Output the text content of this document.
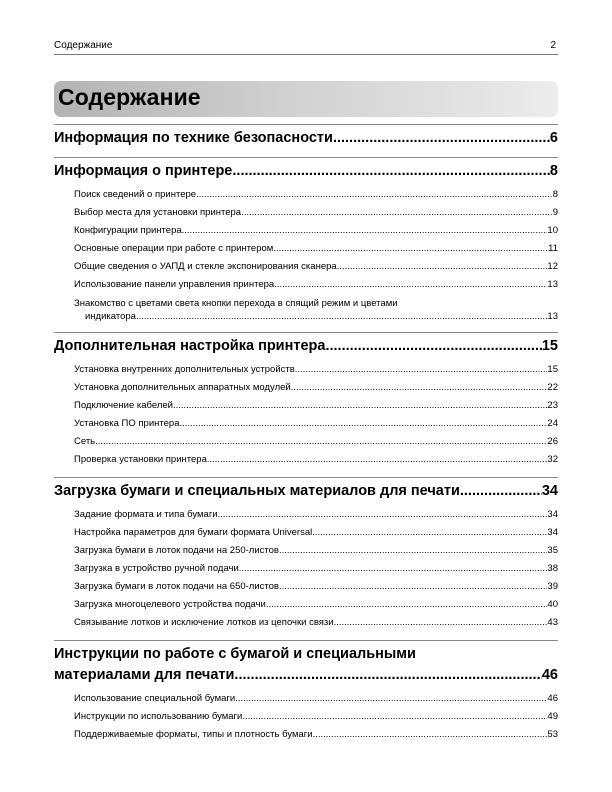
Содержание	2
Содержание
Информация по технике безопасности .....	6
Информация о принтере .....	8
Поиск сведений о принтере .....	8
Выбор места для установки принтера .....	9
Конфигурации принтера .....	10
Основные операции при работе с принтером .....	11
Общие сведения о УАПД и стекле экспонирования сканера .....	12
Использование панели управления принтера .....	13
Знакомство с цветами света кнопки перехода в спящий режим и цветами
индикатора .....	13
Дополнительная настройка принтера .....	15
Установка внутренних дополнительных устройств .....	15
Установка дополнительных аппаратных модулей .....	22
Подключение кабелей .....	23
Установка ПО принтера .....	24
Сеть .....	26
Проверка установки принтера .....	32
Загрузка бумаги и специальных материалов для печати .....	34
Задание формата и типа бумаги .....	34
Настройка параметров для бумаги формата Universal .....	34
Загрузка бумаги в лоток подачи на 250-листов .....	35
Загрузка в устройство ручной подачи .....	38
Загрузка бумаги в лоток подачи на 650-листов .....	39
Загрузка многоцелевого устройства подачи .....	40
Связывание лотков и исключение лотков из цепочки связи .....	43
Инструкции по работе с бумагой и специальными
материалами для печати .....	46
Использование специальной бумаги .....	46
Инструкции по использованию бумаги .....	49
Поддерживаемые форматы, типы и плотность бумаги .....	53
